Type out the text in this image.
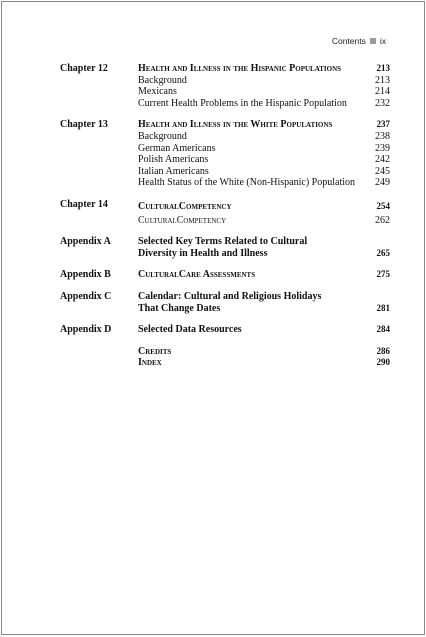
Contents ix
Chapter 12	Health and Illness in the Hispanic Populations	213
Background	213
Mexicans	214
Current Health Problems in the Hispanic Population	232
Chapter 13	Health and Illness in the White Populations	237
Background	238
German Americans	239
Polish Americans	242
Italian Americans	245
Health Status of the White (Non-Hispanic) Population	249
Chapter 14	CulturalCompetency	254
CulturalCompetency	262
Appendix A	Selected Key Terms Related to Cultural
Diversity in Health and Illness	265
Appendix B	CulturalCare Assessments	275
Appendix C	Calendar: Cultural and Religious Holidays
That Change Dates	281
Appendix D	Selected Data Resources	284
Credits	286
Index	290
